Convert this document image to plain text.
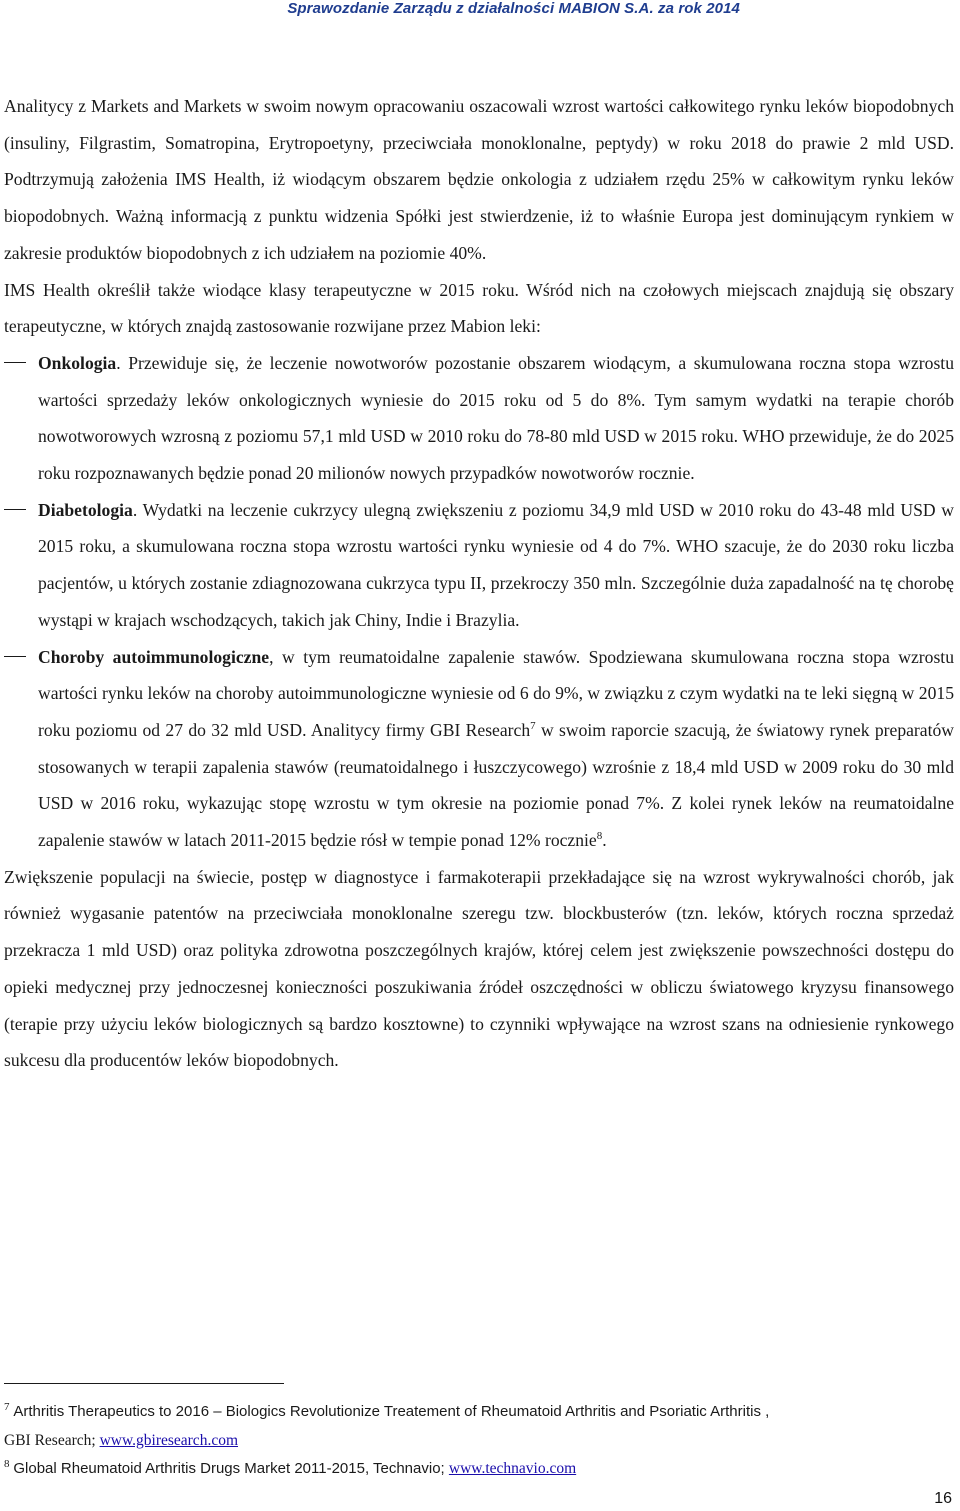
Sprawozdanie Zarządu z działalności MABION S.A. za rok 2014

Analitycy z Markets and Markets w swoim nowym opracowaniu oszacowali wzrost wartości całkowitego rynku leków biopodobnych (insuliny, Filgrastim, Somatropina, Erytropoetyny, przeciwciała monoklonalne, peptydy) w roku 2018 do prawie 2 mld USD. Podtrzymują założenia IMS Health, iż wiodącym obszarem będzie onkologia z udziałem rzędu 25% w całkowitym rynku leków biopodobnych. Ważną informacją z punktu widzenia Spółki jest stwierdzenie, iż to właśnie Europa jest dominującym rynkiem w zakresie produktów biopodobnych z ich udziałem na poziomie 40%.

IMS Health określił także wiodące klasy terapeutyczne w 2015 roku. Wśród nich na czołowych miejscach znajdują się obszary terapeutyczne, w których znajdą zastosowanie rozwijane przez Mabion leki:

Onkologia. Przewiduje się, że leczenie nowotworów pozostanie obszarem wiodącym, a skumulowana roczna stopa wzrostu wartości sprzedaży leków onkologicznych wyniesie do 2015 roku od 5 do 8%. Tym samym wydatki na terapie chorób nowotworowych wzrosną z poziomu 57,1 mld USD w 2010 roku do 78-80 mld USD w 2015 roku. WHO przewiduje, że do 2025 roku rozpoznawanych będzie ponad 20 milionów nowych przypadków nowotworów rocznie.
Diabetologia. Wydatki na leczenie cukrzycy ulegną zwiększeniu z poziomu 34,9 mld USD w 2010 roku do 43-48 mld USD w 2015 roku, a skumulowana roczna stopa wzrostu wartości rynku wyniesie od 4 do 7%. WHO szacuje, że do 2030 roku liczba pacjentów, u których zostanie zdiagnozowana cukrzyca typu II, przekroczy 350 mln. Szczególnie duża zapadalność na tę chorobę wystąpi w krajach wschodzących, takich jak Chiny, Indie i Brazylia.
Choroby autoimmunologiczne, w tym reumatoidalne zapalenie stawów. Spodziewana skumulowana roczna stopa wzrostu wartości rynku leków na choroby autoimmunologiczne wyniesie od 6 do 9%, w związku z czym wydatki na te leki sięgną w 2015 roku poziomu od 27 do 32 mld USD. Analitycy firmy GBI Research$^7$ w swoim raporcie szacują, że światowy rynek preparatów stosowanych w terapii zapalenia stawów (reumatoidalnego i łuszczycowego) wzrośnie z 18,4 mld USD w 2009 roku do 30 mld USD w 2016 roku, wykazując stopę wzrostu w tym okresie na poziomie ponad 7%. Z kolei rynek leków na reumatoidalne zapalenie stawów w latach 2011-2015 będzie rósł w tempie ponad 12% rocznie$^8$.

Zwiększenie populacji na świecie, postęp w diagnostyce i farmakoterapii przekładające się na wzrost wykrywalności chorób, jak również wygasanie patentów na przeciwciała monoklonalne szeregu tzw. blockbusterów (tzn. leków, których roczna sprzedaż przekracza 1 mld USD) oraz polityka zdrowotna poszczególnych krajów, której celem jest zwiększenie powszechności dostępu do opieki medycznej przy jednoczesnej konieczności poszukiwania źródeł oszczędności w obliczu światowego kryzysu finansowego (terapie przy użyciu leków biologicznych są bardzo kosztowne) to czynniki wpływające na wzrost szans na odniesienie rynkowego sukcesu dla producentów leków biopodobnych.

$^7$ Arthritis Therapeutics to 2016 – Biologics Revolutionize Treatement of Rheumatoid Arthritis and Psoriatic Arthritis ,
GBI Research; www.gbiresearch.com

$^8$ Global Rheumatoid Arthritis Drugs Market 2011-2015, Technavio; www.technavio.com

16
